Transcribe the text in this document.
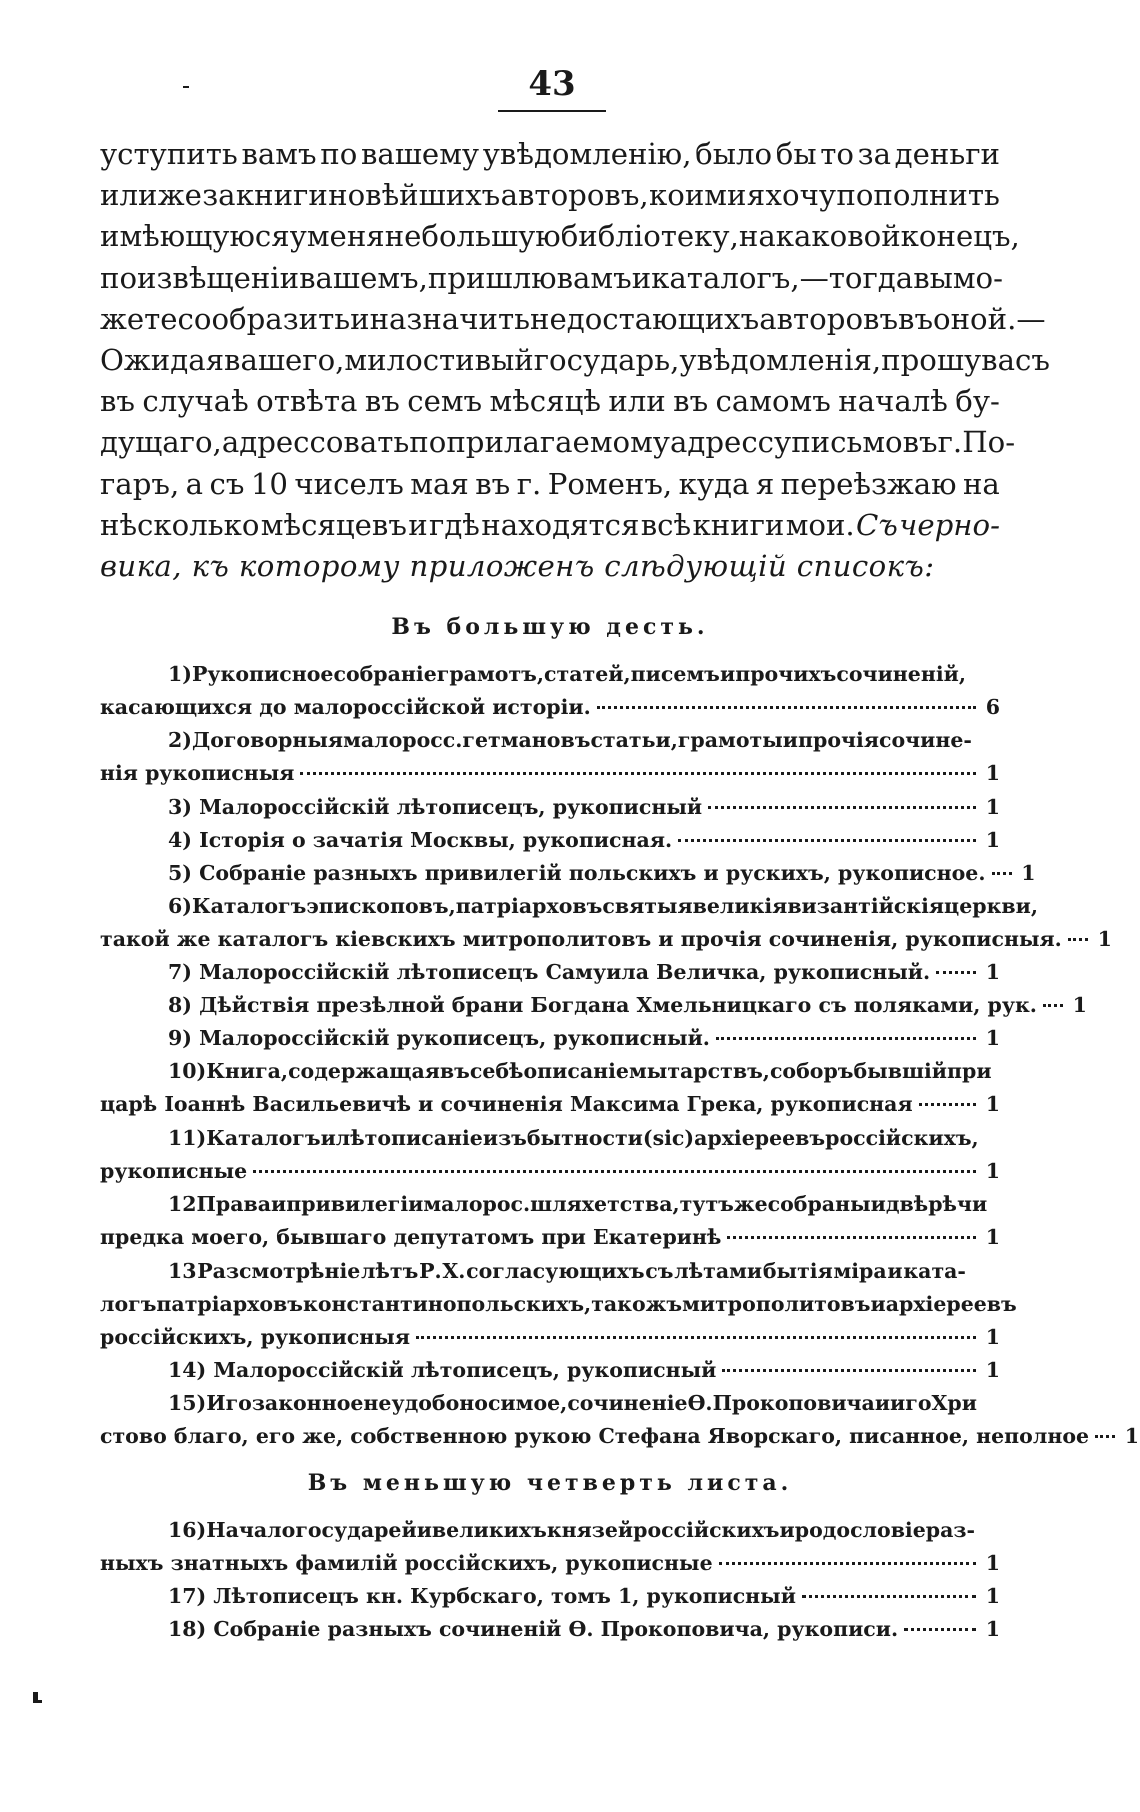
43
уступить вамъ по вашему увѣдомленію, было бы то за деньги
или же за книги новѣйшихъ авторовъ, коими я хочу пополнить
имѣющуюся у меня небольшую библіотеку, на каковой конецъ,
по извѣщеніи вашемъ, пришлю вамъ и каталогъ,—тогда вы мо-
жете сообразить и назначить недостающихъ авторовъ въ оной.—
Ожидая вашего, милостивый государь, увѣдомленія, прошу васъ
въ случаѣ отвѣта въ семъ мѣсяцѣ или въ самомъ началѣ бу-
дущаго, адрессовать по прилагаемому адрессу письмо въ г. По-
гаръ, а съ 10 чиселъ мая въ г. Роменъ, куда я переѣзжаю на
нѣсколько мѣсяцевъ и гдѣ находятся всѣ книги мои. Съ черно-
вика, къ которому приложенъ слѣдующій списокъ:
Въ большую десть.
1) Рукописное собраніе грамотъ, статей, писемъ и прочихъ сочиненій,
касающихся до малороссійской исторіи.	6
2) Договорныя малоросс. гетмановъ статьи, грамоты и прочія сочине-
нія рукописныя	1
3) Малороссійскій лѣтописецъ, рукописный	1
4) Історія о зачатія Москвы, рукописная.	1
5) Собраніе разныхъ привилегій польскихъ и рускихъ, рукописное. 1
6) Каталогъ эпископовъ, патріарховъ святыя великія византійскія церкви,
такой же каталогъ кіевскихъ митрополитовъ и прочія сочиненія, рукописныя. 1
7) Малороссійскій лѣтописецъ Самуила Величка, рукописный.	1
8) Дѣйствія презѣлной брани Богдана Хмельницкаго съ поляками, рук. 1
9) Малороссійскій рукописецъ, рукописный.	1
10) Книга, содержащая въ себѣ описаніе мытарствъ, соборъ бывшій при
царѣ Іоаннѣ Васильевичѣ и сочиненія Максима Грека, рукописная	1
11) Каталогъ и лѣтописаніе изъ бытности (sic) архіереевъ россійскихъ,
рукописные	1
12 Права и привилегіи малорос. шляхетства, тутъ же собраны и двѣ рѣчи
предка моего, бывшаго депутатомъ при Екатеринѣ	1
13 Разсмотрѣніе лѣтъ Р. Х. согласующихъ съ лѣтами бытія міра и ката-
логъ патріарховъ константинопольскихъ, тако жъ митрополитовъ и архіереевъ
россійскихъ, рукописныя	1
14) Малороссійскій лѣтописецъ, рукописный	1
15) Иго законное неудобоносимое, сочиненіе Ѳ. Прокоповича и иго Хри
стово благо, его же, собственною рукою Стефана Яворскаго, писанное, неполное 1
Въ меньшую четверть листа.
16) Начало государей и великихъ князей россійскихъ и родословіе раз-
ныхъ знатныхъ фамилій россійскихъ, рукописные	1
17) Лѣтописецъ кн. Курбскаго, томъ 1, рукописный	1
18) Собраніе разныхъ сочиненій Ѳ. Прокоповича, рукописи.	1
